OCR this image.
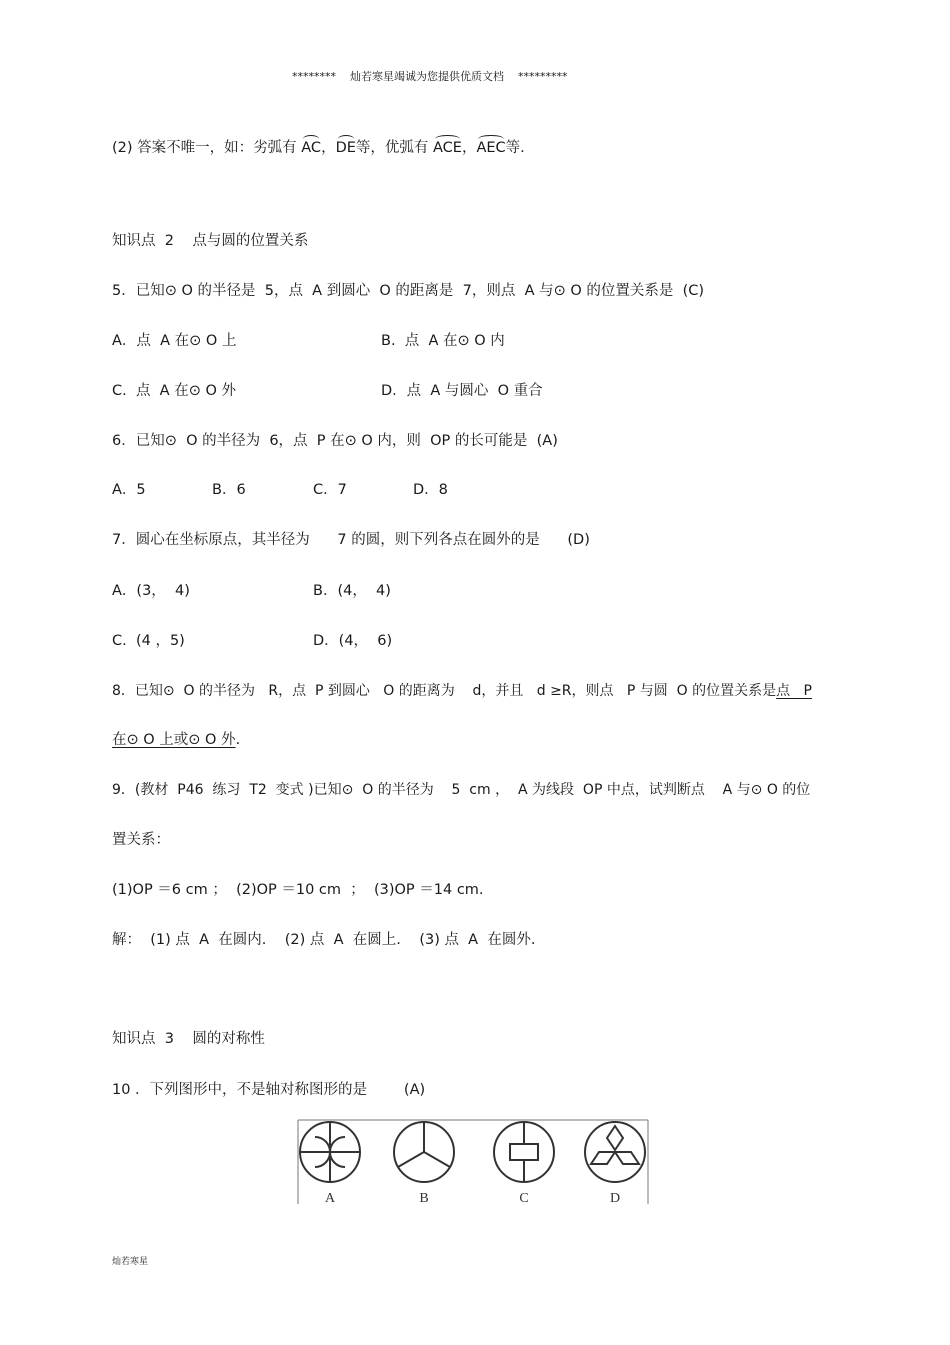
********    灿若寒星竭诚为您提供优质文档    *********
(2) 答案不唯一，如：劣弧有 AC，DE等，优弧有 ACE，AEC等.
知识点  2    点与圆的位置关系
5．已知⊙ O 的半径是  5，点  A 到圆心  O 的距离是  7，则点  A 与⊙ O 的位置关系是  (C)
A．点  A 在⊙ O 上	B.  点  A 在⊙ O 内
C.  点  A 在⊙ O 外	D．点  A 与圆心  O 重合
6．已知⊙  O 的半径为  6，点  P 在⊙ O 内，则  OP 的长可能是  (A)
A．5	B．6	C．7	D．8
7．圆心在坐标原点，其半径为      7 的圆，则下列各点在圆外的是      (D)
A．(3，  4)	B．(4，  4)
C.  (4 ，5)	D．(4，  6)
8．已知⊙  O 的半径为   R，点  P 到圆心   O 的距离为    d，并且   d ≥R，则点   P 与圆  O 的位置关系是点   P
在⊙ O 上或⊙ O 外.
9．(教材  P46  练习  T2  变式 )已知⊙  O 的半径为    5  cm ，  A 为线段  OP 中点，试判断点    A 与⊙ O 的位
置关系：
(1)OP ＝6 cm ；  (2)OP ＝10 cm  ；  (3)OP ＝14 cm.
解：  (1) 点  A  在圆内.    (2) 点  A  在圆上.    (3) 点  A  在圆外.
知识点  3    圆的对称性
10 ．下列图形中，不是轴对称图形的是        (A)
A	B	C	D
灿若寒星
